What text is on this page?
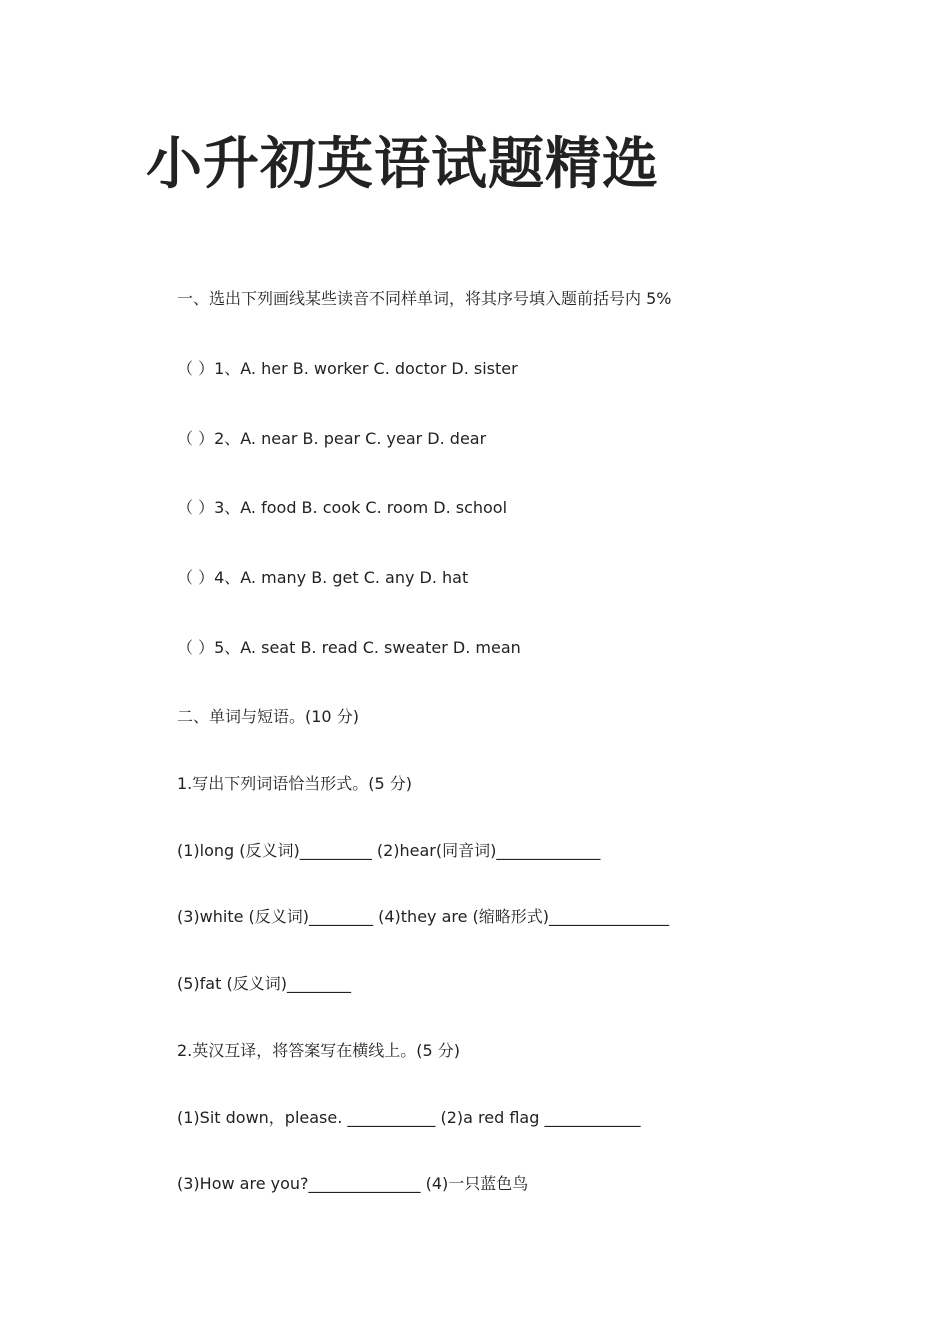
小升初英语试题精选
一、选出下列画线某些读音不同样单词，将其序号填入题前括号内 5%
（ ）1、A. her B. worker C. doctor D. sister
（ ）2、A. near B. pear C. year D. dear
（ ）3、A. food B. cook C. room D. school
（ ）4、A. many B. get C. any D. hat
（ ）5、A. seat B. read C. sweater D. mean
二、单词与短语。(10 分)
1.写出下列词语恰当形式。(5 分)
(1)long (反义词)_________ (2)hear(同音词)_____________
(3)white (反义词)________ (4)they are (缩略形式)_______________
(5)fat (反义词)________
2.英汉互译，将答案写在横线上。(5 分)
(1)Sit down，please. ___________ (2)a red flag ____________
(3)How are you?______________ (4)一只蓝色鸟
